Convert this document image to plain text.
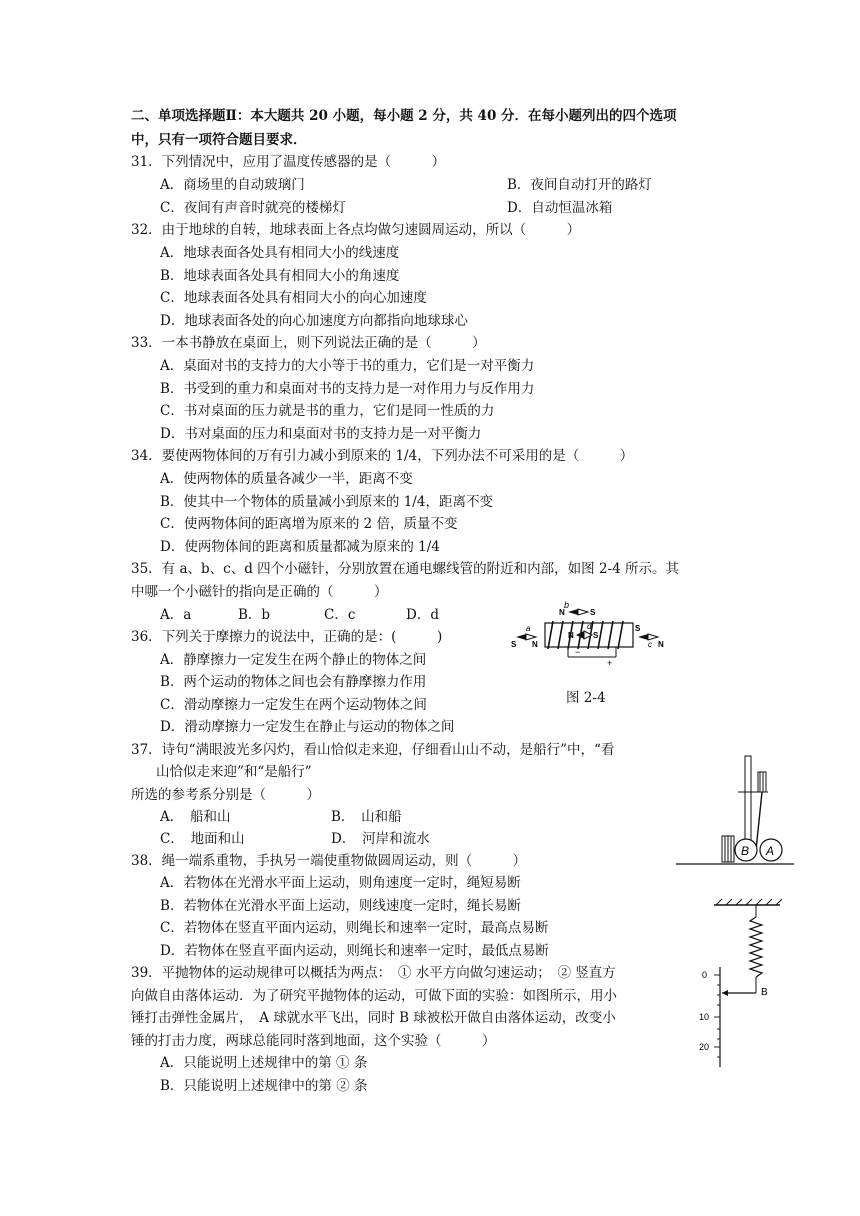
二、单项选择题Ⅱ：本大题共 20 小题，每小题 2 分，共 40 分．在每小题列出的四个选项
中，只有一项符合题目要求．
31．下列情况中，应用了温度传感器的是（　　　）
A．商场里的自动玻璃门	B．夜间自动打开的路灯
C．夜间有声音时就亮的楼梯灯	D．自动恒温冰箱
32．由于地球的自转，地球表面上各点均做匀速圆周运动，所以（　　　）
A．地球表面各处具有相同大小的线速度
B．地球表面各处具有相同大小的角速度
C．地球表面各处具有相同大小的向心加速度
D．地球表面各处的向心加速度方向都指向地球球心
33．一本书静放在桌面上，则下列说法正确的是（　　　）
A．桌面对书的支持力的大小等于书的重力，它们是一对平衡力
B．书受到的重力和桌面对书的支持力是一对作用力与反作用力
C．书对桌面的压力就是书的重力，它们是同一性质的力
D．书对桌面的压力和桌面对书的支持力是一对平衡力
34．要使两物体间的万有引力减小到原来的 1/4，下列办法不可采用的是（　　　）
A．使两物体的质量各减少一半，距离不变
B．使其中一个物体的质量减小到原来的 1/4，距离不变
C．使两物体间的距离增为原来的 2 倍，质量不变
D．使两物体间的距离和质量都减为原来的 1/4
35．有 a、b、c、d 四个小磁针，分别放置在通电螺线管的附近和内部，如图 2-4 所示。其
中哪一个小磁针的指向是正确的（　　　）
A．a	B．b	C．c	D．d
36．下列关于摩擦力的说法中，正确的是：(　　　)
A．静摩擦力一定发生在两个静止的物体之间
B．两个运动的物体之间也会有静摩擦力作用
C．滑动摩擦力一定发生在两个运动物体之间
D．滑动摩擦力一定发生在静止与运动的物体之间
b
N	S
N S
d
a
S N
S
c N
−
+
图 2-4
37．诗句“满眼波光多闪灼，看山恰似走来迎，仔细看山山不动，是船行”中，“看
山恰似走来迎”和“是船行”
所选的参考系分别是（　　　）
A．　船和山	B．　山和船
C．　地面和山	D．　河岸和流水
B A
38．绳一端系重物，手执另一端使重物做圆周运动，则（　　　）
A．若物体在光滑水平面上运动，则角速度一定时，绳短易断
B．若物体在光滑水平面上运动，则线速度一定时，绳长易断
C．若物体在竖直平面内运动，则绳长和速率一定时，最高点易断
D．若物体在竖直平面内运动，则绳长和速率一定时，最低点易断
B
0
10
20
39．平抛物体的运动规律可以概括为两点：　① 水平方向做匀速运动；　② 竖直方
向做自由落体运动．为了研究平抛物体的运动，可做下面的实验：如图所示，用小
锤打击弹性金属片，　A 球就水平飞出，同时 B 球被松开做自由落体运动，改变小
锤的打击力度，两球总能同时落到地面，这个实验（　　　）
A．只能说明上述规律中的第 ① 条
B．只能说明上述规律中的第 ② 条
